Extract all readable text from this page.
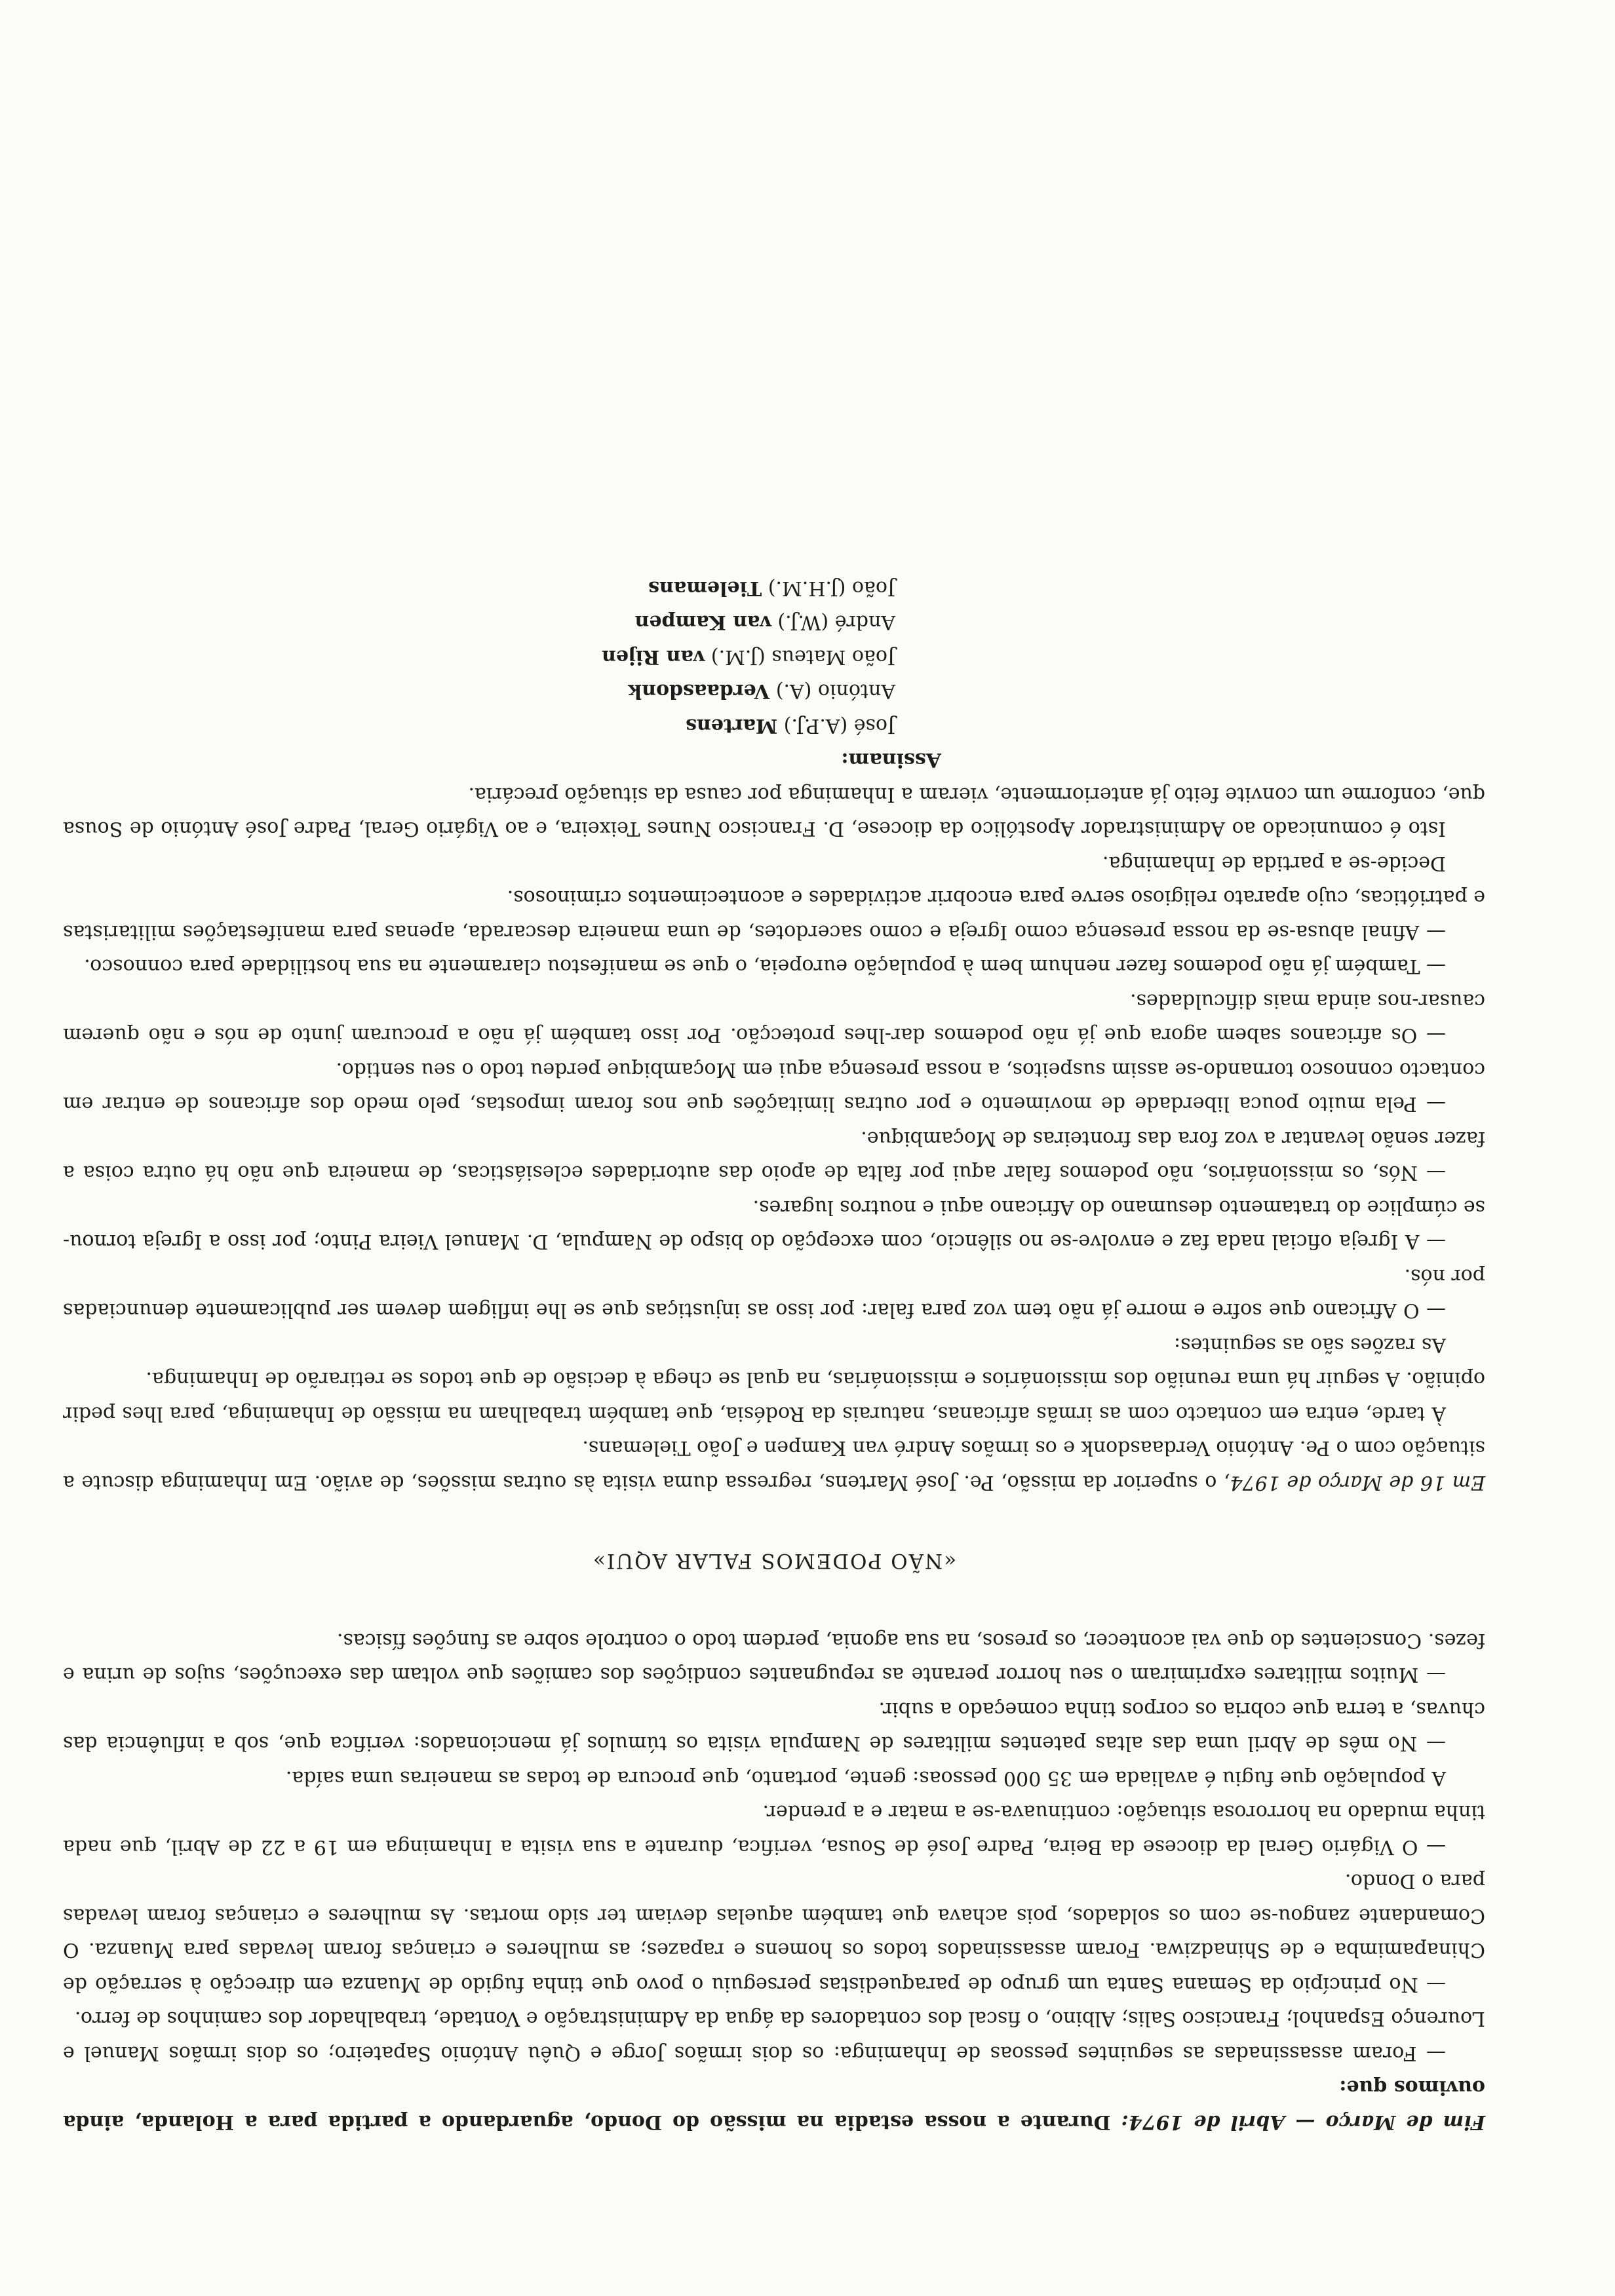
Fim de Março — Abril de 1974: Durante a nossa estadia na missão do Dondo, aguardando a partida para a Holanda, ainda ouvimos que:

— Foram assassinadas as seguintes pessoas de Inhaminga: os dois irmãos Jorge e Quêu António Sapateiro; os dois irmãos Manuel e Lourenço Espanhol; Francisco Salis; Albino, o fiscal dos contadores da água da Administração e Vontade, trabalhador dos caminhos de ferro.

— No princípio da Semana Santa um grupo de paraquedistas perseguiu o povo que tinha fugido de Muanza em direcção à serração de Chinapamimba e de Shinadziwa. Foram assassinados todos os homens e rapazes; as mulheres e crianças foram levadas para Muanza. O Comandante zangou-se com os soldados, pois achava que também aquelas deviam ter sido mortas. As mulheres e crianças foram levadas para o Dondo.

— O Vigário Geral da diocese da Beira, Padre José de Sousa, verifica, durante a sua visita a Inhaminga em 19 a 22 de Abril, que nada tinha mudado na horrorosa situação: continuava-se a matar e a prender.

A população que fugiu é avaliada em 35 000 pessoas: gente, portanto, que procura de todas as maneiras uma saída.

— No mês de Abril uma das altas patentes militares de Nampula visita os túmulos já mencionados: verifica que, sob a influência das chuvas, a terra que cobria os corpos tinha começado a subir.

— Muitos militares exprimiram o seu horror perante as repugnantes condições dos camiões que voltam das execuções, sujos de urina e fezes. Conscientes do que vai acontecer, os presos, na sua agonia, perdem todo o controle sobre as funções físicas.

«NÃO PODEMOS FALAR AQUI»

Em 16 de Março de 1974, o superior da missão, Pe. José Martens, regressa duma visita às outras missões, de avião. Em Inhaminga discute a situação com o Pe. António Verdaasdonk e os irmãos André van Kampen e João Tielemans.

À tarde, entra em contacto com as irmãs africanas, naturais da Rodésia, que também trabalham na missão de Inhaminga, para lhes pedir opinião. A seguir há uma reunião dos missionários e missionárias, na qual se chega à decisão de que todos se retirarão de Inhaminga.

As razões são as seguintes:

— O Africano que sofre e morre já não tem voz para falar: por isso as injustiças que se lhe infligem devem ser publicamente denunciadas por nós.

— A Igreja oficial nada faz e envolve-se no silêncio, com excepção do bispo de Nampula, D. Manuel Vieira Pinto; por isso a Igreja tornou-se cúmplice do tratamento desumano do Africano aqui e noutros lugares.

— Nós, os missionários, não podemos falar aqui por falta de apoio das autoridades eclesiásticas, de maneira que não há outra coisa a fazer senão levantar a voz fora das fronteiras de Moçambique.

— Pela muito pouca liberdade de movimento e por outras limitações que nos foram impostas, pelo medo dos africanos de entrar em contacto connosco tornando-se assim suspeitos, a nossa presença aqui em Moçambique perdeu todo o seu sentido.

— Os africanos sabem agora que já não podemos dar-lhes protecção. Por isso também já não a procuram junto de nós e não querem causar-nos ainda mais dificuldades.

— Também já não podemos fazer nenhum bem à população europeia, o que se manifestou claramente na sua hostilidade para connosco.

— Afinal abusa-se da nossa presença como Igreja e como sacerdotes, de uma maneira descarada, apenas para manifestações militaristas e patrióticas, cujo aparato religioso serve para encobrir actividades e acontecimentos criminosos.

Decide-se a partida de Inhaminga.

Isto é comunicado ao Administrador Apostólico da diocese, D. Francisco Nunes Teixeira, e ao Vigário Geral, Padre José António de Sousa que, conforme um convite feito já anteriormente, vieram a Inhaminga por causa da situação precária.

Assinam:
José (A.P.J.) Martens
António (A.) Verdaasdonk
João Mateus (J.M.) van Rijen
André (W.J.) van Kampen
João (J.H.M.) Tielemans
